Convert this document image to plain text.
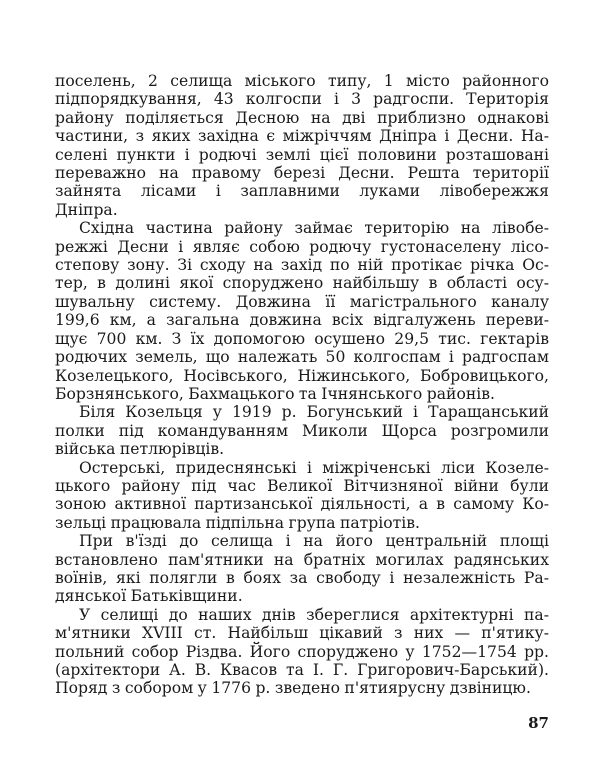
поселень, 2 селища міського типу, 1 місто районного
підпорядкування, 43 колгоспи і 3 радгоспи. Територія
району поділяється Десною на дві приблизно однакові
частини, з яких західна є міжріччям Дніпра і Десни. На-
селені пункти і родючі землі цієї половини розташовані
переважно на правому березі Десни. Решта території
зайнята лісами і заплавними луками лівобережжя
Дніпра.
Східна частина району займає територію на лівобе-
режжі Десни і являє собою родючу густонаселену лісо-
степову зону. Зі сходу на захід по ній протікає річка Ос-
тер, в долині якої споруджено найбільшу в області осу-
шувальну систему. Довжина її магістрального каналу
199,6 км, а загальна довжина всіх відгалужень переви-
щує 700 км. З їх допомогою осушено 29,5 тис. гектарів
родючих земель, що належать 50 колгоспам і радгоспам
Козелецького, Носівського, Ніжинського, Бобровицького,
Борзнянського, Бахмацького та Ічнянського районів.
Біля Козельця у 1919 р. Богунський і Таращанський
полки під командуванням Миколи Щорса розгромили
війська петлюрівців.
Остерські, придеснянські і міжріченські ліси Козеле-
цького району під час Великої Вітчизняної війни були
зоною активної партизанської діяльності, а в самому Ко-
зельці працювала підпільна група патріотів.
При в'їзді до селища і на його центральній площі
встановлено пам'ятники на братніх могилах радянських
воїнів, які полягли в боях за свободу і незалежність Ра-
дянської Батьківщини.
У селищі до наших днів збереглися архітектурні па-
м'ятники XVIII ст. Найбільш цікавий з них — п'ятику-
польний собор Різдва. Його споруджено у 1752—1754 рр.
(архітектори А. В. Квасов та І. Г. Григорович-Барський).
Поряд з собором у 1776 р. зведено п'ятиярусну дзвіницю.
87
